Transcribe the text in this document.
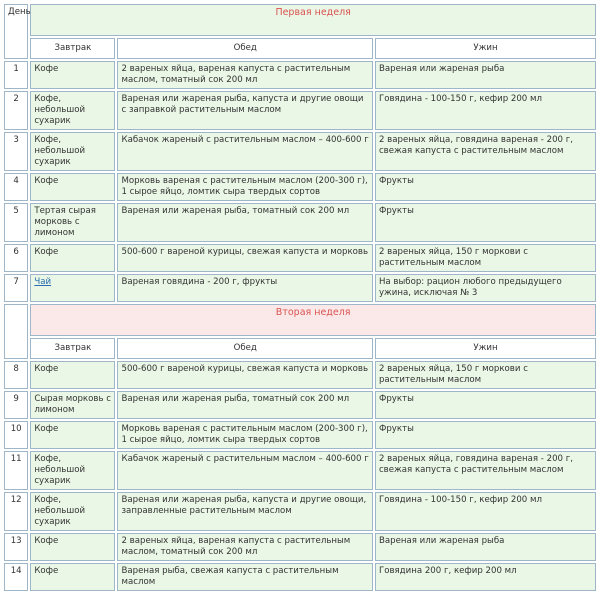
День	Первая неделя		
	Завтрак	Обед	Ужин
1	Кофе	2 вареных яйца, вареная капуста с растительным маслом, томатный сок 200 мл	Вареная или жареная рыба
2	Кофе, небольшой сухарик	Вареная или жареная рыба, капуста и другие овощи с заправкой растительным маслом	Говядина - 100-150 г, кефир 200 мл
3	Кофе, небольшой сухарик	Кабачок жареный с растительным маслом – 400-600 г	2 вареных яйца, говядина вареная - 200 г, свежая капуста с растительным маслом
4	Кофе	Морковь вареная с растительным маслом (200-300 г), 1 сырое яйцо, ломтик сыра твердых сортов	Фрукты
5	Тертая сырая морковь с лимоном	Вареная или жареная рыба, томатный сок 200 мл	Фрукты
6	Кофе	500-600 г вареной курицы, свежая капуста и морковь	2 вареных яйца, 150 г моркови с растительным маслом
7	Чай	Вареная говядина - 200 г, фрукты	На выбор: рацион любого предыдущего ужина, исключая № 3
	Вторая неделя		
	Завтрак	Обед	Ужин
8	Кофе	500-600 г вареной курицы, свежая капуста и морковь	2 вареных яйца, 150 г моркови с растительным маслом
9	Сырая морковь с лимоном	Вареная или жареная рыба, томатный сок 200 мл	Фрукты
10	Кофе	Морковь вареная с растительным маслом (200-300 г), 1 сырое яйцо, ломтик сыра твердых сортов	Фрукты
11	Кофе, небольшой сухарик	Кабачок жареный с растительным маслом – 400-600 г	2 вареных яйца, говядина вареная - 200 г, свежая капуста с растительным маслом
12	Кофе, небольшой сухарик	Вареная или жареная рыба, капуста и другие овощи, заправленные растительным маслом	Говядина - 100-150 г, кефир 200 мл
13	Кофе	2 вареных яйца, вареная капуста с растительным маслом, томатный сок 200 мл	Вареная или жареная рыба
14	Кофе	Вареная рыба, свежая капуста с растительным маслом	Говядина 200 г, кефир 200 мл
